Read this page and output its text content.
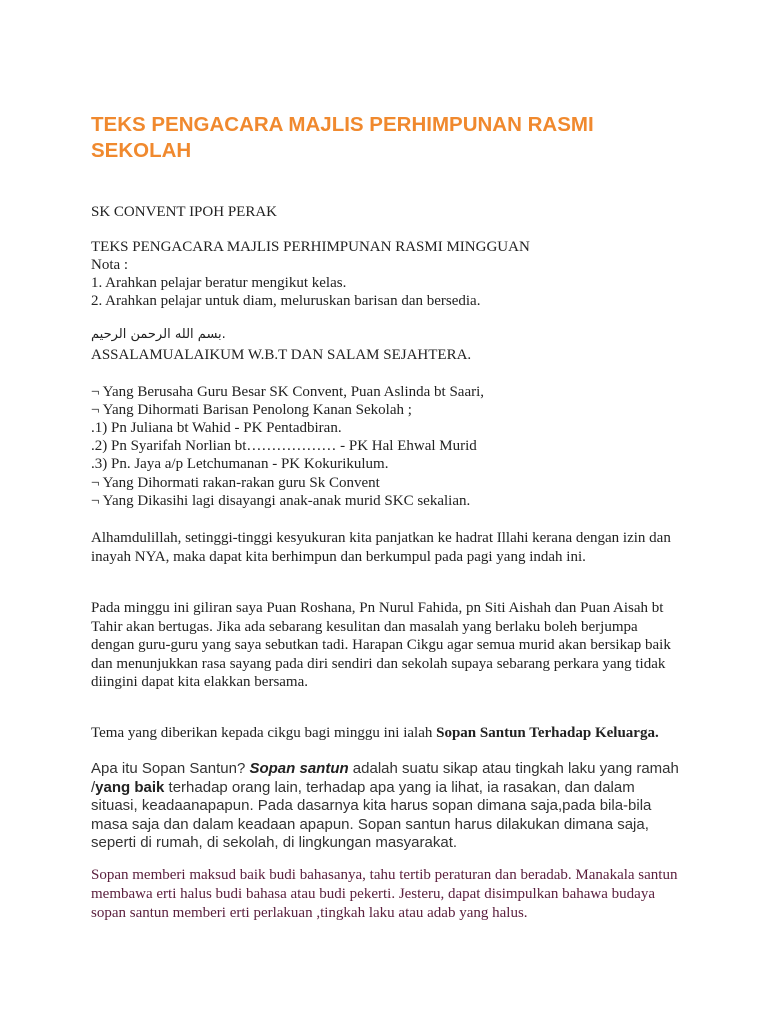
TEKS PENGACARA MAJLIS PERHIMPUNAN RASMI SEKOLAH
SK CONVENT IPOH PERAK
TEKS PENGACARA MAJLIS PERHIMPUNAN RASMI MINGGUAN
Nota :
1. Arahkan pelajar beratur mengikut kelas.
2. Arahkan pelajar untuk diam, meluruskan barisan dan bersedia.
بسم الله الرحمن الرحيم.
ASSALAMUALAIKUM W.B.T DAN SALAM SEJAHTERA.
¬ Yang Berusaha Guru Besar SK Convent, Puan Aslinda bt Saari,
¬ Yang Dihormati Barisan Penolong Kanan Sekolah ;
.1) Pn Juliana bt Wahid - PK Pentadbiran.
.2) Pn Syarifah Norlian bt……………… - PK Hal Ehwal Murid
.3) Pn. Jaya a/p Letchumanan - PK Kokurikulum.
¬ Yang Dihormati rakan-rakan guru Sk Convent
¬ Yang Dikasihi lagi disayangi anak-anak murid SKC sekalian.

Alhamdulillah, setinggi-tinggi kesyukuran kita panjatkan ke hadrat Illahi kerana dengan izin dan inayah NYA, maka dapat kita berhimpun dan berkumpul pada pagi yang indah ini.

Pada minggu ini giliran saya Puan Roshana, Pn Nurul Fahida, pn Siti Aishah dan Puan Aisah bt Tahir akan bertugas. Jika ada sebarang kesulitan dan masalah yang berlaku boleh berjumpa dengan guru-guru yang saya sebutkan tadi. Harapan Cikgu agar semua murid akan bersikap baik dan menunjukkan rasa sayang pada diri sendiri dan sekolah supaya sebarang perkara yang tidak diingini dapat kita elakkan bersama.

Tema yang diberikan kepada cikgu bagi minggu ini ialah Sopan Santun Terhadap Keluarga.

Apa itu Sopan Santun? Sopan santun adalah suatu sikap atau tingkah laku yang ramah /yang baik terhadap orang lain, terhadap apa yang ia lihat, ia rasakan, dan dalam situasi, keadaanapapun. Pada dasarnya kita harus sopan dimana saja,pada bila-bila masa saja dan dalam keadaan apapun. Sopan santun harus dilakukan dimana saja, seperti di rumah, di sekolah, di lingkungan masyarakat.

Sopan memberi maksud baik budi bahasanya, tahu tertib peraturan dan beradab. Manakala santun membawa erti halus budi bahasa atau budi pekerti. Jesteru, dapat disimpulkan bahawa budaya sopan santun memberi erti perlakuan ,tingkah laku atau adab yang halus.
